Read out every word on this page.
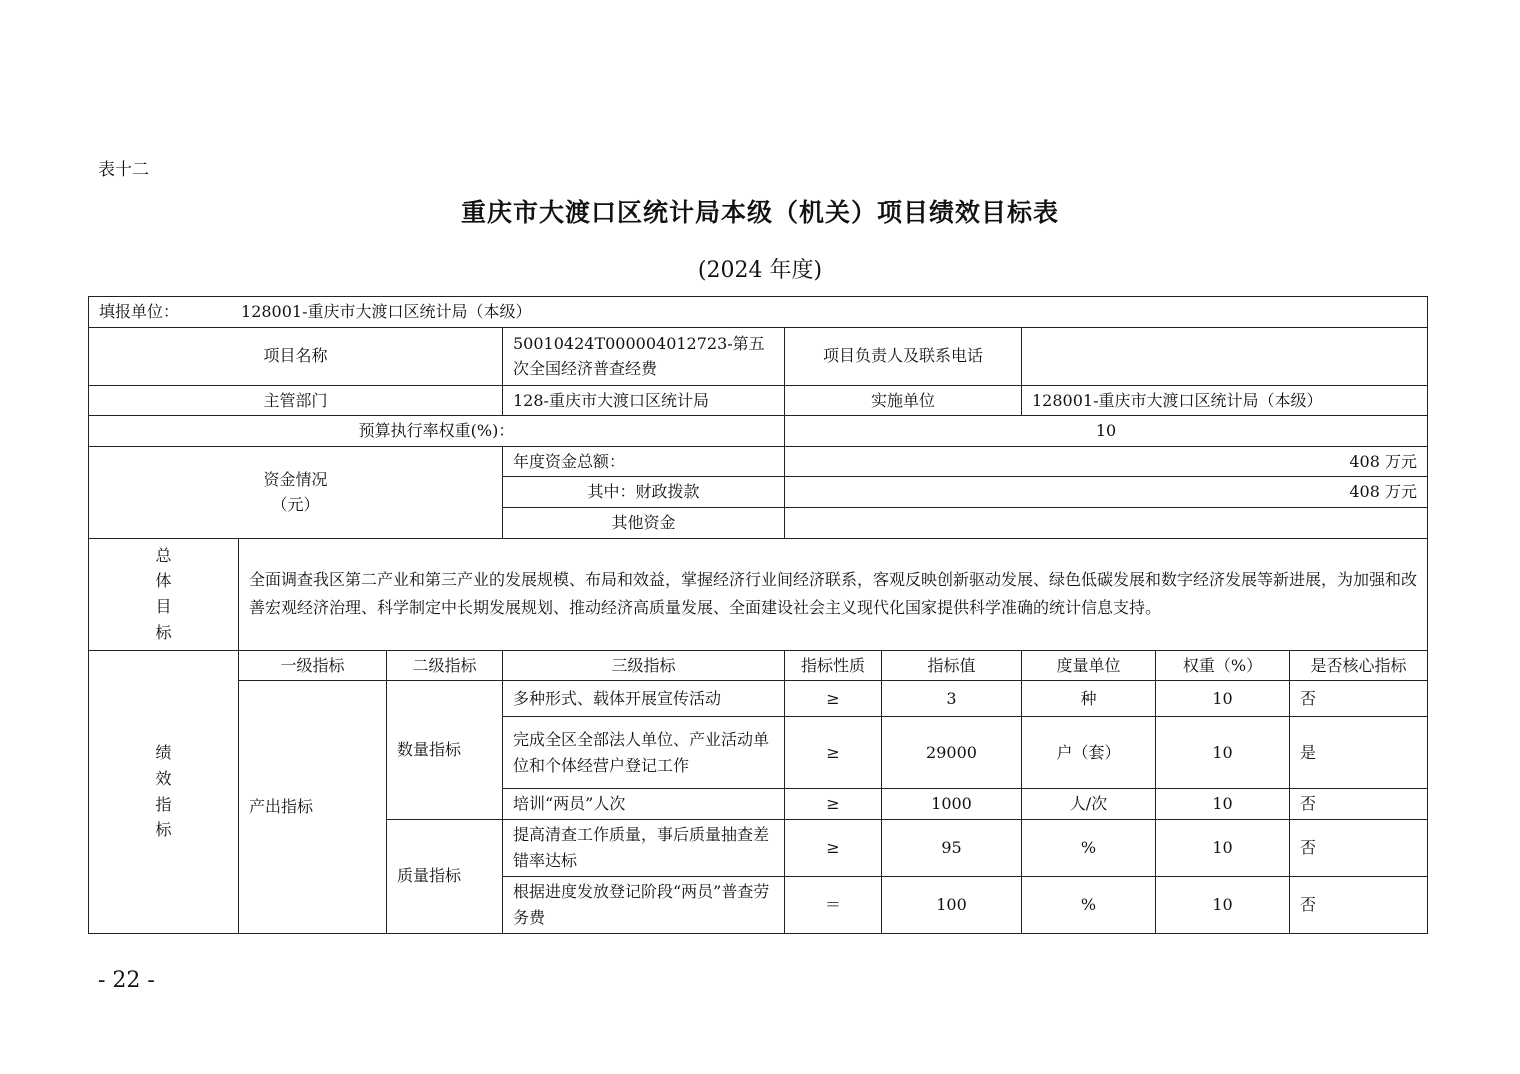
表十二
重庆市大渡口区统计局本级（机关）项目绩效目标表
(2024 年度)
填报单位： 128001-重庆市大渡口区统计局（本级）								
项目名称			50010424T000004012723-第五次全国经济普查经费	项目负责人及联系电话				
主管部门			128-重庆市大渡口区统计局	实施单位		128001-重庆市大渡口区统计局（本级）		
预算执行率权重(%)：				10				

资金情况
（元）			年度资金总额：	408 万元				
			其中：财政拨款	408 万元				
			其他资金					

总
体
目
标	全面调查我区第二产业和第三产业的发展规模、布局和效益，掌握经济行业间经济联系，客观反映创新驱动发展、绿色低碳发展和数字经济发展等新进展，为加强和改善宏观经济治理、科学制定中长期发展规划、推动经济高质量发展、全面建设社会主义现代化国家提供科学准确的统计信息支持。							

绩
效
指
标	一级指标	二级指标	三级指标	指标性质	指标值	度量单位	权重（%）	是否核心指标
	产出指标	数量指标	多种形式、载体开展宣传活动	≥	3	种	10	否
			完成全区全部法人单位、产业活动单位和个体经营户登记工作	≥	29000	户（套）	10	是
			培训“两员”人次	≥	1000	人/次	10	否
		质量指标	提高清查工作质量，事后质量抽查差错率达标	≥	95	%	10	否
			根据进度发放登记阶段“两员”普查劳务费	＝	100	%	10	否
- 22 -
